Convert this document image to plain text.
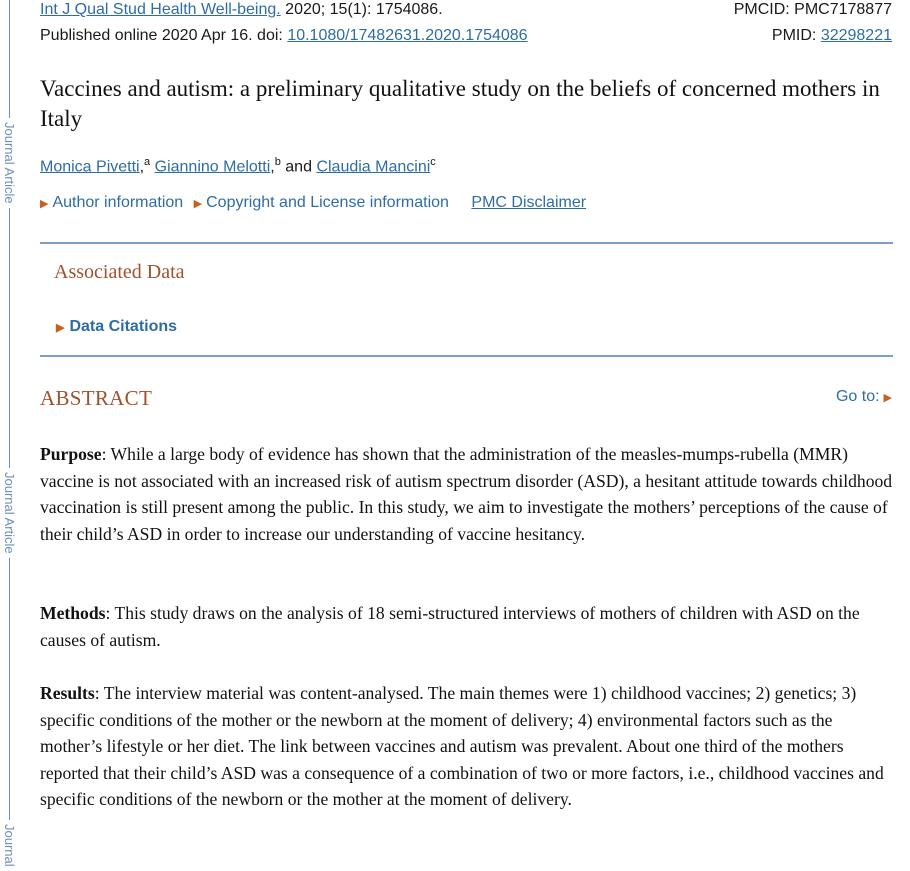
Journal Article
Journal Article
Journal
Int J Qual Stud Health Well-being. 2020; 15(1): 1754086.	PMCID: PMC7178877
Published online 2020 Apr 16. doi: 10.1080/17482631.2020.1754086	PMID: 32298221
Vaccines and autism: a preliminary qualitative study on the beliefs of concerned mothers in Italy
Monica Pivetti,$^a$ Giannino Melotti,$^b$ and Claudia Mancini$^c$
▶ Author information ▶ Copyright and License information PMC Disclaimer
Associated Data
▶ Data Citations
ABSTRACT	Go to: ▶
Purpose: While a large body of evidence has shown that the administration of the measles-mumps-rubella (MMR) vaccine is not associated with an increased risk of autism spectrum disorder (ASD), a hesitant attitude towards childhood vaccination is still present among the public. In this study, we aim to investigate the mothers’ perceptions of the cause of their child’s ASD in order to increase our understanding of vaccine hesitancy.
Methods: This study draws on the analysis of 18 semi-structured interviews of mothers of children with ASD on the causes of autism.
Results: The interview material was content-analysed. The main themes were 1) childhood vaccines; 2) genetics; 3) specific conditions of the mother or the newborn at the moment of delivery; 4) environmental factors such as the mother’s lifestyle or her diet. The link between vaccines and autism was prevalent. About one third of the mothers reported that their child’s ASD was a consequence of a combination of two or more factors, i.e., childhood vaccines and specific conditions of the newborn or the mother at the moment of delivery.
